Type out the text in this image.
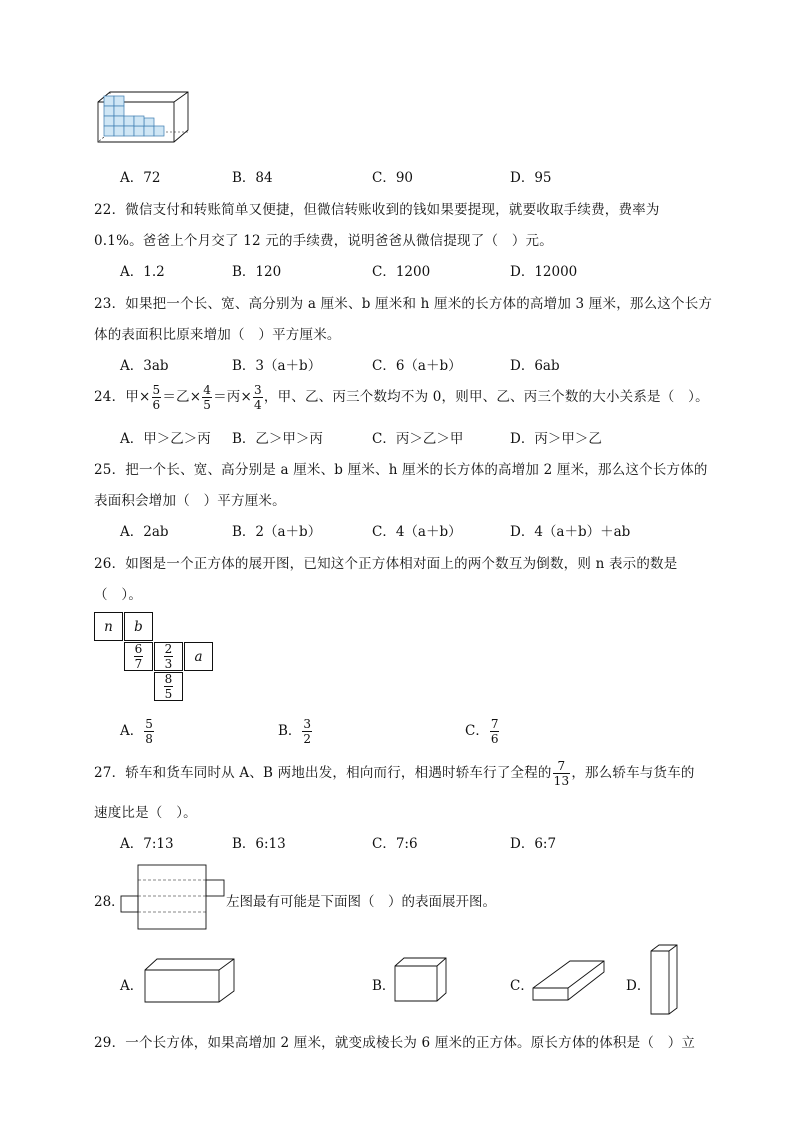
A．72	B．84	C．90	D．95
22．微信支付和转账简单又便捷，但微信转账收到的钱如果要提现，就要收取手续费，费率为
0.1%。爸爸上个月交了 12 元的手续费，说明爸爸从微信提现了（　）元。
A．1.2	B．120	C．1200	D．12000
23．如果把一个长、宽、高分别为 a 厘米、b 厘米和 h 厘米的长方体的高增加 3 厘米，那么这个长方
体的表面积比原来增加（　）平方厘米。
A．3ab	B．3（a＋b）	C．6（a＋b）	D．6ab
24．甲× $\frac{5}{6}$ ＝乙× $\frac{4}{5}$ ＝丙× $\frac{3}{4}$ ，甲、乙、丙三个数均不为 0，则甲、乙、丙三个数的大小关系是（　）。
A．甲＞乙＞丙 B．乙＞甲＞丙	C．丙＞乙＞甲	D．丙＞甲＞乙
25．把一个长、宽、高分别是 a 厘米、b 厘米、h 厘米的长方体的高增加 2 厘米，那么这个长方体的
表面积会增加（　）平方厘米。
A．2ab	B．2（a＋b）	C．4（a＋b）	D．4（a＋b）＋ab
26．如图是一个正方体的展开图，已知这个正方体相对面上的两个数互为倒数，则 n 表示的数是
（　）。
n	b
$\frac{6}{7} \frac{2}{3}$	a
$\frac{8}{5}$
A． $\frac{5}{8}$	B． $\frac{3}{2}$	C． $\frac{7}{6}$
27．轿车和货车同时从 A、B 两地出发，相向而行，相遇时轿车行了全程的 $\frac{7}{13}$ ，那么轿车与货车的
速度比是（　）。
A．7:13	B．6:13	C．7:6	D．6:7
28．	左图最有可能是下面图（　）的表面展开图。
A．	B．	C．	D．
29．一个长方体，如果高增加 2 厘米，就变成棱长为 6 厘米的正方体。原长方体的体积是（　）立
